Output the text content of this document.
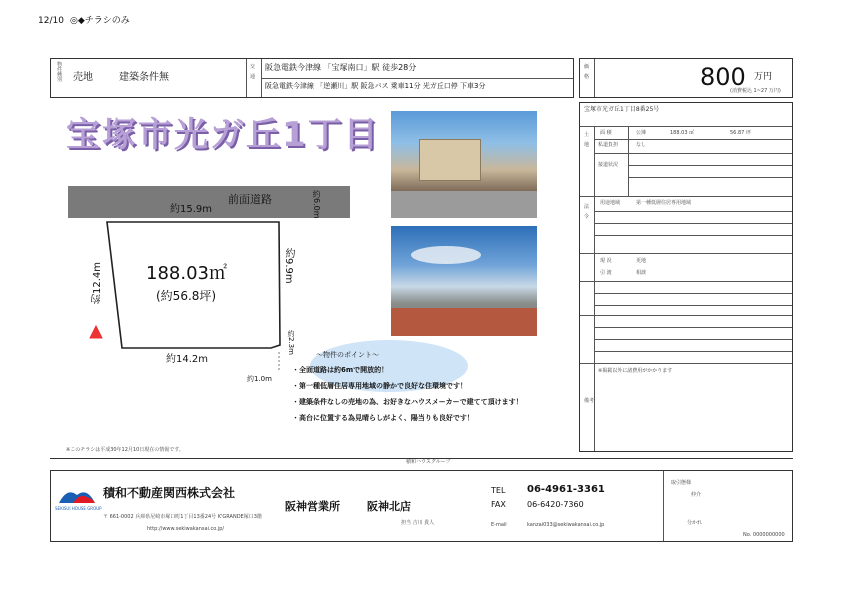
12/10 ◎◆チラシのみ
物
件
種
別 売地	建築条件無
交

通
阪急電鉄今津線 「宝塚南口」駅 徒歩28分
阪急電鉄今津線 「逆瀬川」駅 阪急バス 乗車11分 光ガ丘口停 下車3分
価

格	800 万円
(消費税込 1~27 万円)
宝塚市光ガ丘1丁目
前面道路	約6.0m
約15.9m
約12.4m	約9.9m
約2.3m
約14.2m
約1.0m
188.03㎡
(約56.8坪)
～物件のポイント～
・全面道路は約6mで開放的！
・第一種低層住居専用地域の静かで良好な住環境です！
・建築条件なしの売地の為、お好きなハウスメーカーで建てて頂けます！
・高台に位置する為見晴らしがよく、陽当りも良好です！
宝塚市光ガ丘1丁目8番25号
土

地
面 積	公簿	188.03 ㎡	56.87 坪
私道負担	なし
接道状況
法

令
用途地域	第一種低層住居専用地域
現 況	更地
引 渡	相談
備考
※掲載以外に諸費用がかかります
※このチラシは平成30年12月10日現在の情報です。
積和ハウスグループ
SEKISUI HOUSE GROUP
積和不動産関西株式会社
阪神営業所 阪神北店
〒 661-0002 兵庫県尼崎市塚口町1丁目13番24号 K'GRANDE塚口3階
http://www.sekiwakansai.co.jp/
担当 吉川 貴人
TEL 06-4961-3361
FAX	06-6420-7360
E-mail	kanzai033@sekiwakansai.co.jp
取引態様
仲介
分かれ
No. 0000000000
